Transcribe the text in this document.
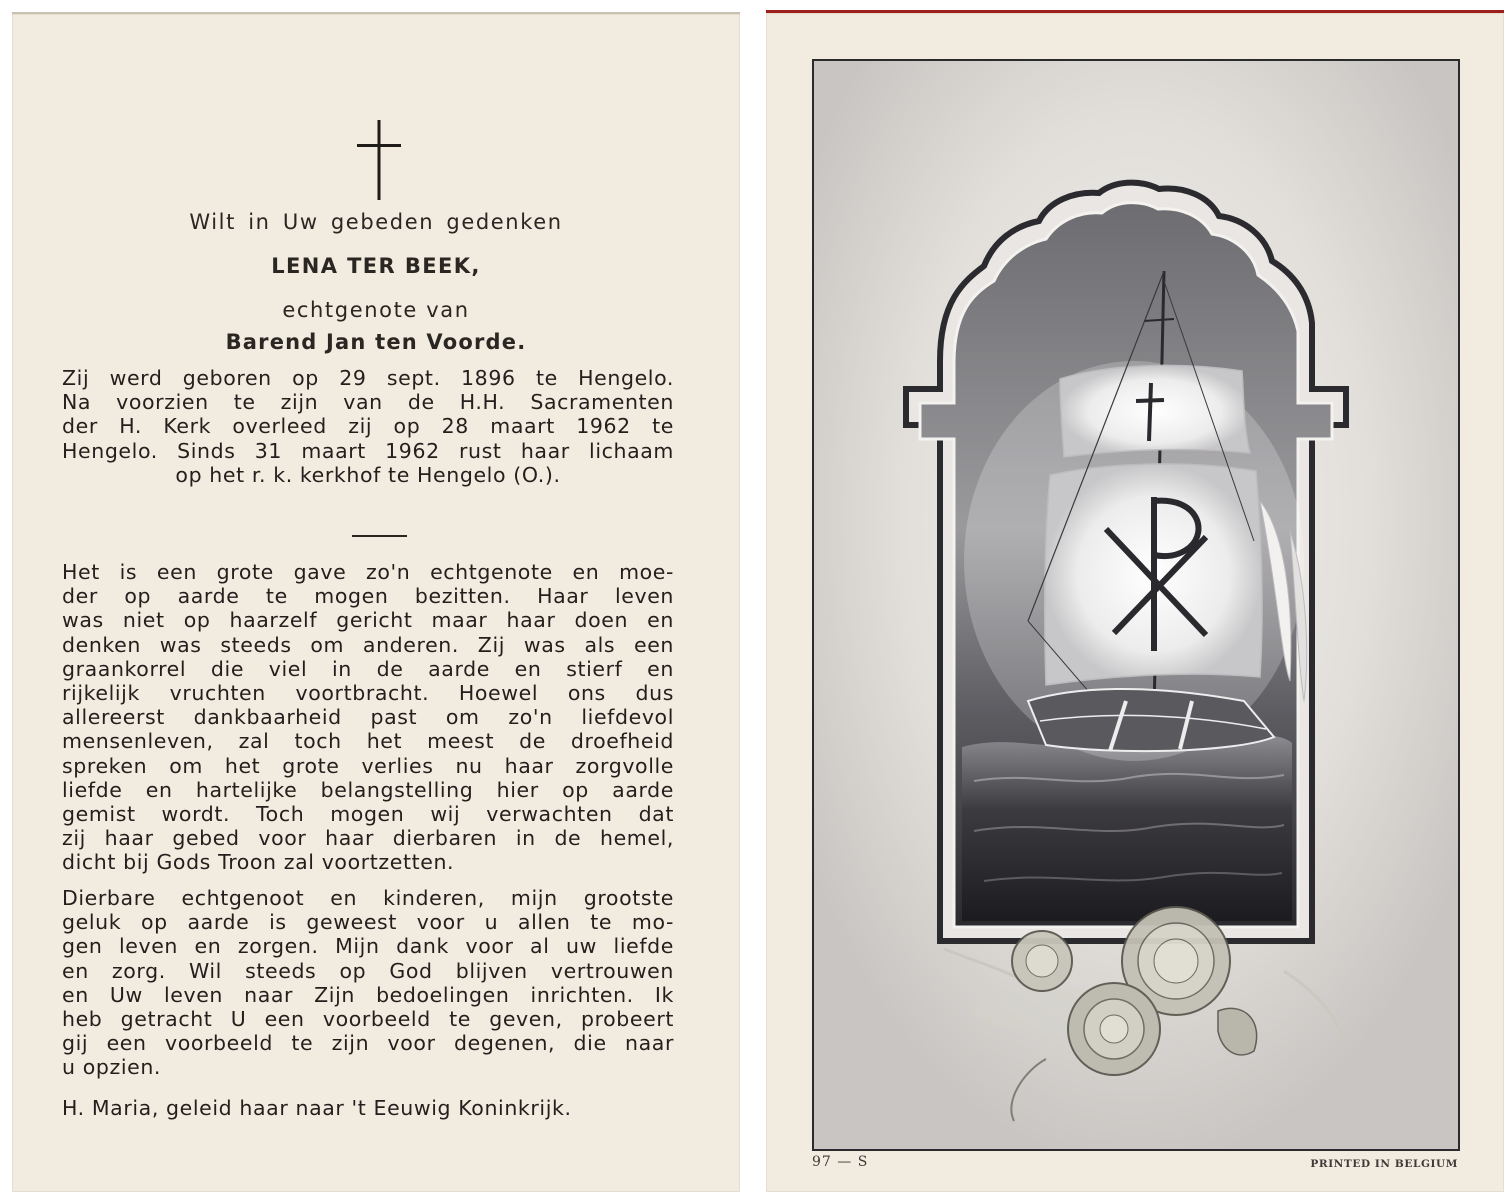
Wilt in Uw gebeden gedenken
LENA TER BEEK,
echtgenote van
Barend Jan ten Voorde.
Zij werd geboren op 29 sept. 1896 te Hengelo.
Na voorzien te zijn van de H.H. Sacramenten
der H. Kerk overleed zij op 28 maart 1962 te
Hengelo. Sinds 31 maart 1962 rust haar lichaam
op het r. k. kerkhof te Hengelo (O.).
Het is een grote gave zo'n echtgenote en moe-
der op aarde te mogen bezitten. Haar leven
was niet op haarzelf gericht maar haar doen en
denken was steeds om anderen. Zij was als een
graankorrel die viel in de aarde en stierf en
rijkelijk vruchten voortbracht. Hoewel ons dus
allereerst dankbaarheid past om zo'n liefdevol
mensenleven, zal toch het meest de droefheid
spreken om het grote verlies nu haar zorgvolle
liefde en hartelijke belangstelling hier op aarde
gemist wordt. Toch mogen wij verwachten dat
zij haar gebed voor haar dierbaren in de hemel,
dicht bij Gods Troon zal voortzetten.
Dierbare echtgenoot en kinderen, mijn grootste
geluk op aarde is geweest voor u allen te mo-
gen leven en zorgen. Mijn dank voor al uw liefde
en zorg. Wil steeds op God blijven vertrouwen
en Uw leven naar Zijn bedoelingen inrichten. Ik
heb getracht U een voorbeeld te geven, probeert
gij een voorbeeld te zijn voor degenen, die naar
u opzien.
H. Maria, geleid haar naar 't Eeuwig Koninkrijk.
97 — S	PRINTED IN BELGIUM
